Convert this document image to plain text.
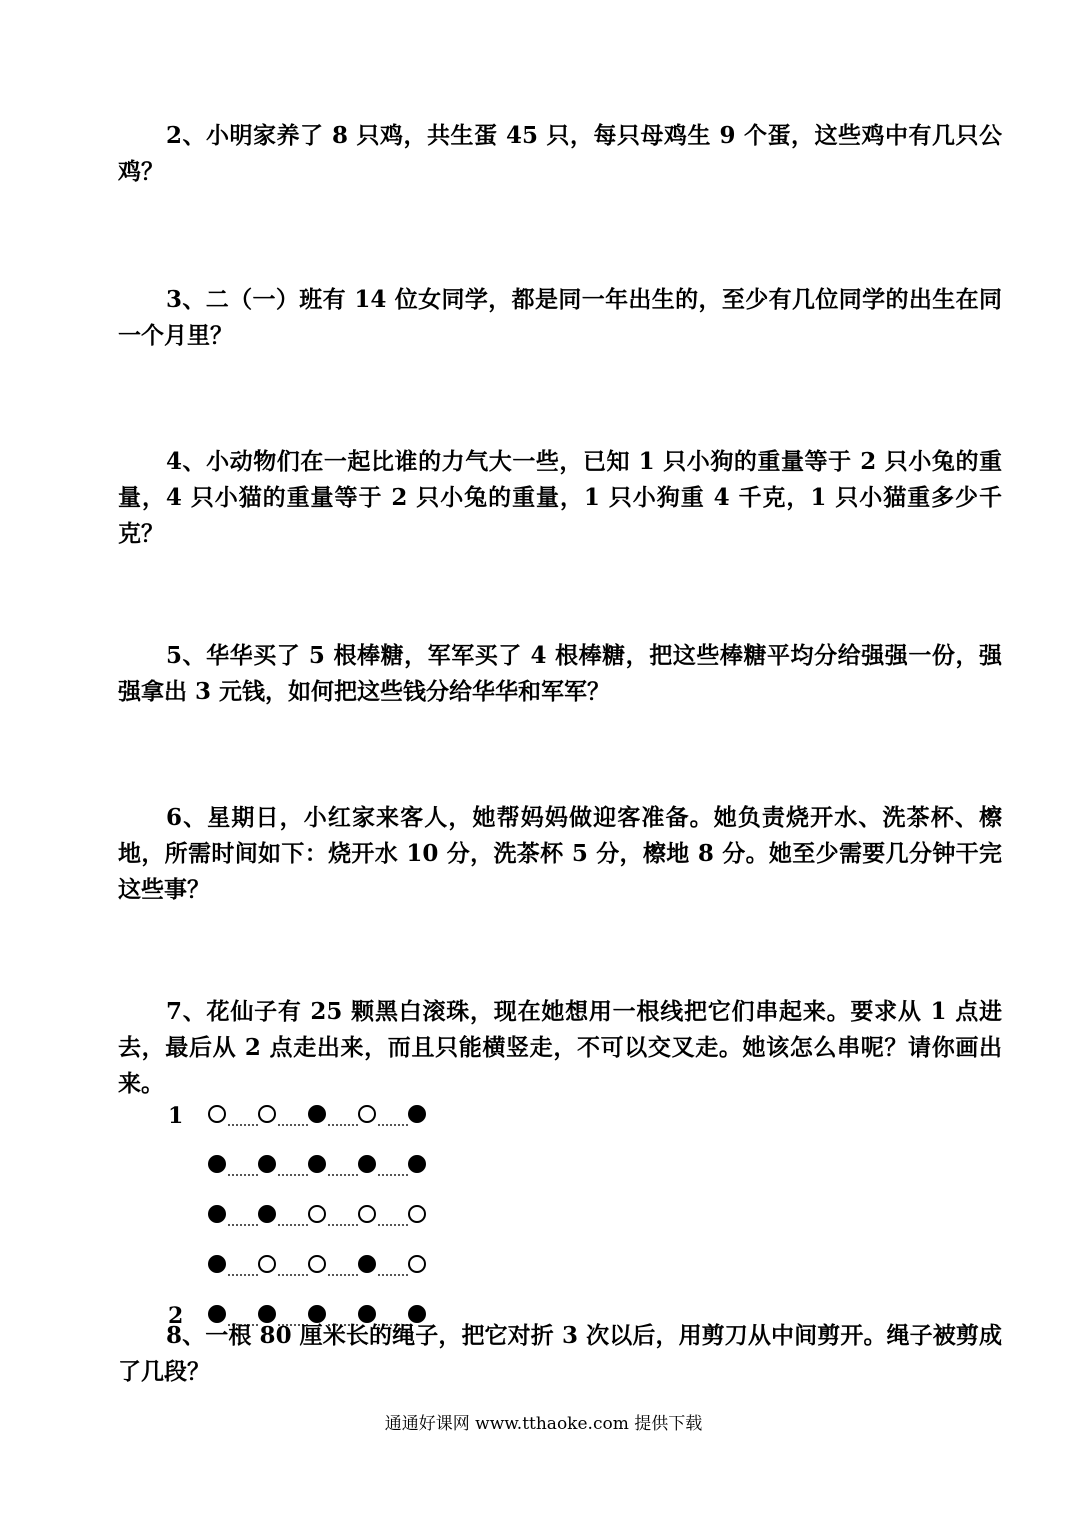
2、小明家养了 8 只鸡，共生蛋 45 只，每只母鸡生 9 个蛋，这些鸡中有几只公鸡？

3、二（一）班有 14 位女同学，都是同一年出生的，至少有几位同学的出生在同一个月里？

4、小动物们在一起比谁的力气大一些，已知 1 只小狗的重量等于 2 只小兔的重量，4 只小猫的重量等于 2 只小兔的重量，1 只小狗重 4 千克，1 只小猫重多少千克？

5、华华买了 5 根棒糖，军军买了 4 根棒糖，把这些棒糖平均分给强强一份，强强拿出 3 元钱，如何把这些钱分给华华和军军？

6、星期日，小红家来客人，她帮妈妈做迎客准备。她负责烧开水、洗茶杯、檫地，所需时间如下：烧开水 10 分，洗茶杯 5 分，檫地 8 分。她至少需要几分钟干完这些事？

7、花仙子有 25 颗黑白滚珠，现在她想用一根线把它们串起来。要求从 1 点进去，最后从 2 点走出来，而且只能横竖走，不可以交叉走。她该怎么串呢？请你画出来。

1
2

8、一根 80 厘米长的绳子，把它对折 3 次以后，用剪刀从中间剪开。绳子被剪成了几段？

通通好课网 www.tthaoke.com 提供下载
